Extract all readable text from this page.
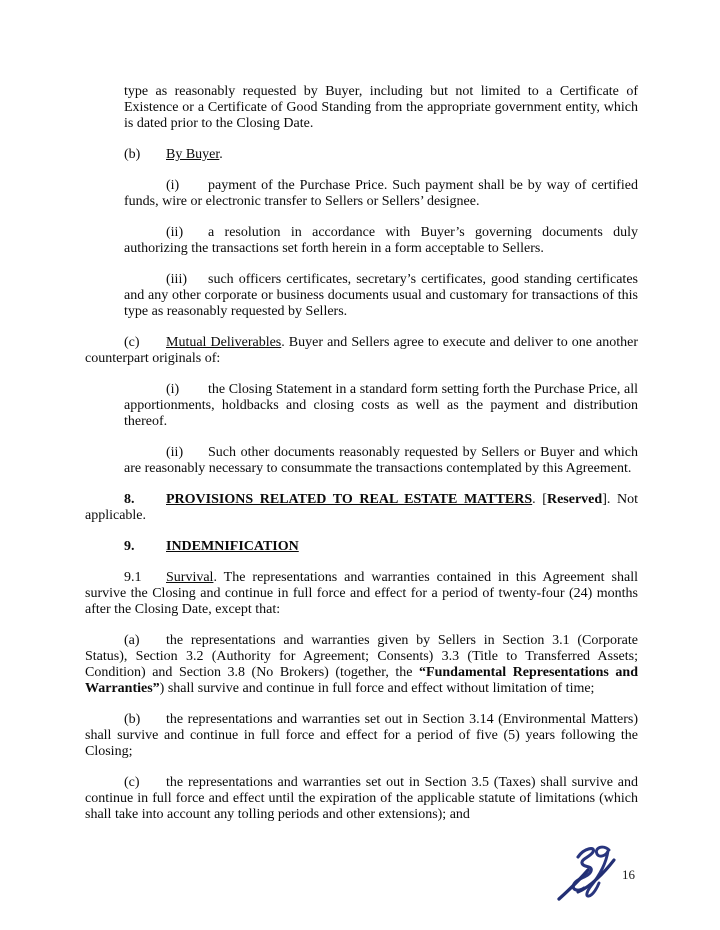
type as reasonably requested by Buyer, including but not limited to a Certificate of Existence or a Certificate of Good Standing from the appropriate government entity, which is dated prior to the Closing Date.

(b) By Buyer.

(i) payment of the Purchase Price. Such payment shall be by way of certified funds, wire or electronic transfer to Sellers or Sellers’ designee.

(ii) a resolution in accordance with Buyer’s governing documents duly authorizing the transactions set forth herein in a form acceptable to Sellers.

(iii) such officers certificates, secretary’s certificates, good standing certificates and any other corporate or business documents usual and customary for transactions of this type as reasonably requested by Sellers.

(c) Mutual Deliverables. Buyer and Sellers agree to execute and deliver to one another counterpart originals of:

(i) the Closing Statement in a standard form setting forth the Purchase Price, all apportionments, holdbacks and closing costs as well as the payment and distribution thereof.

(ii) Such other documents reasonably requested by Sellers or Buyer and which are reasonably necessary to consummate the transactions contemplated by this Agreement.

8. PROVISIONS RELATED TO REAL ESTATE MATTERS. [Reserved]. Not applicable.

9. INDEMNIFICATION

9.1 Survival. The representations and warranties contained in this Agreement shall survive the Closing and continue in full force and effect for a period of twenty-four (24) months after the Closing Date, except that:

(a) the representations and warranties given by Sellers in Section 3.1 (Corporate Status), Section 3.2 (Authority for Agreement; Consents) 3.3 (Title to Transferred Assets; Condition) and Section 3.8 (No Brokers) (together, the “Fundamental Representations and Warranties”) shall survive and continue in full force and effect without limitation of time;

(b) the representations and warranties set out in Section 3.14 (Environmental Matters) shall survive and continue in full force and effect for a period of five (5) years following the Closing;

(c) the representations and warranties set out in Section 3.5 (Taxes) shall survive and continue in full force and effect until the expiration of the applicable statute of limitations (which shall take into account any tolling periods and other extensions); and

16
